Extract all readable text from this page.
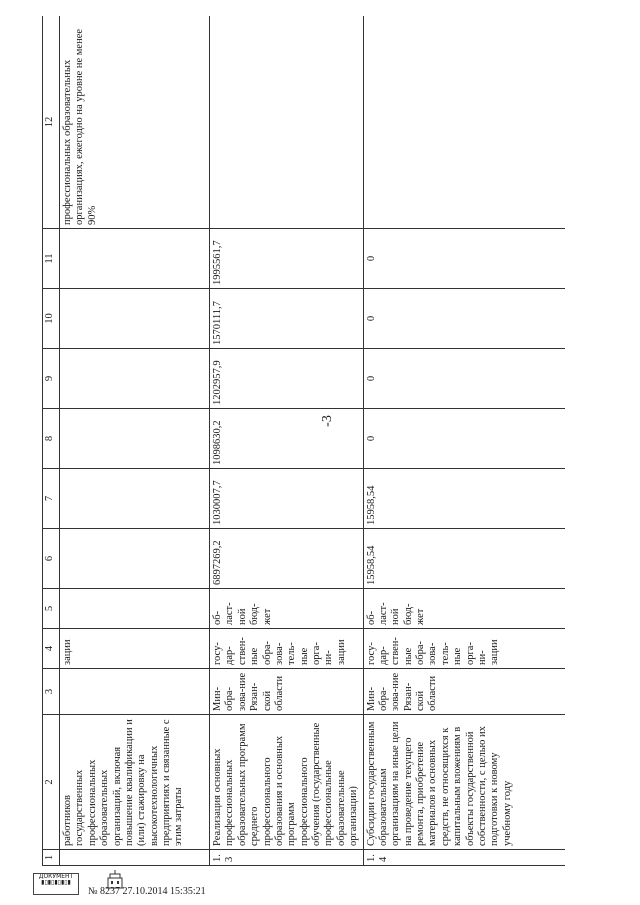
-3
1	2	3	4	5	6	7	8	9	10	11	12
	работников государственных профессиональных образовательных организаций, включая повышение квалификации и (или) стажировку на высокотехнологичных предприятиях и связанные с этим затраты		зации								профессиональных образовательных организациях, ежегодно на уровне не менее 90%
1.3	Реализация основных профессиональных образовательных программ среднего профессионального образования и основных программ профессионального обучения (государственные профессиональные образовательные организации)	Мин-обра-зова-ние Рязан-ской области	госу-дар-ствен-ные обра-зова-тель-ные орга-ни-зации	об-ласт-ной бюд-жет	6897269,2	1030007,7	1098630,2	1202957,9	1570111,7	1995561,7	
1.4	Субсидии государственным образовательным организациям на иные цели на проведение текущего ремонта, приобретение материалов и основных средств, не относящихся к капитальным вложениям в объекты государственной собственности, с целью их подготовки к новому учебному году	Мин-обра-зова-ние Рязан-ской области	госу-дар-ствен-ные обра-зова-тель-ные орга-ни-зации	об-ласт-ной бюд-жет	15958,54	15958,54	0	0	0	0	
ДОКУМЕНТ
▮▯▮▯▮▯▮▯▮
№ 8237 27.10.2014 15:35:21
